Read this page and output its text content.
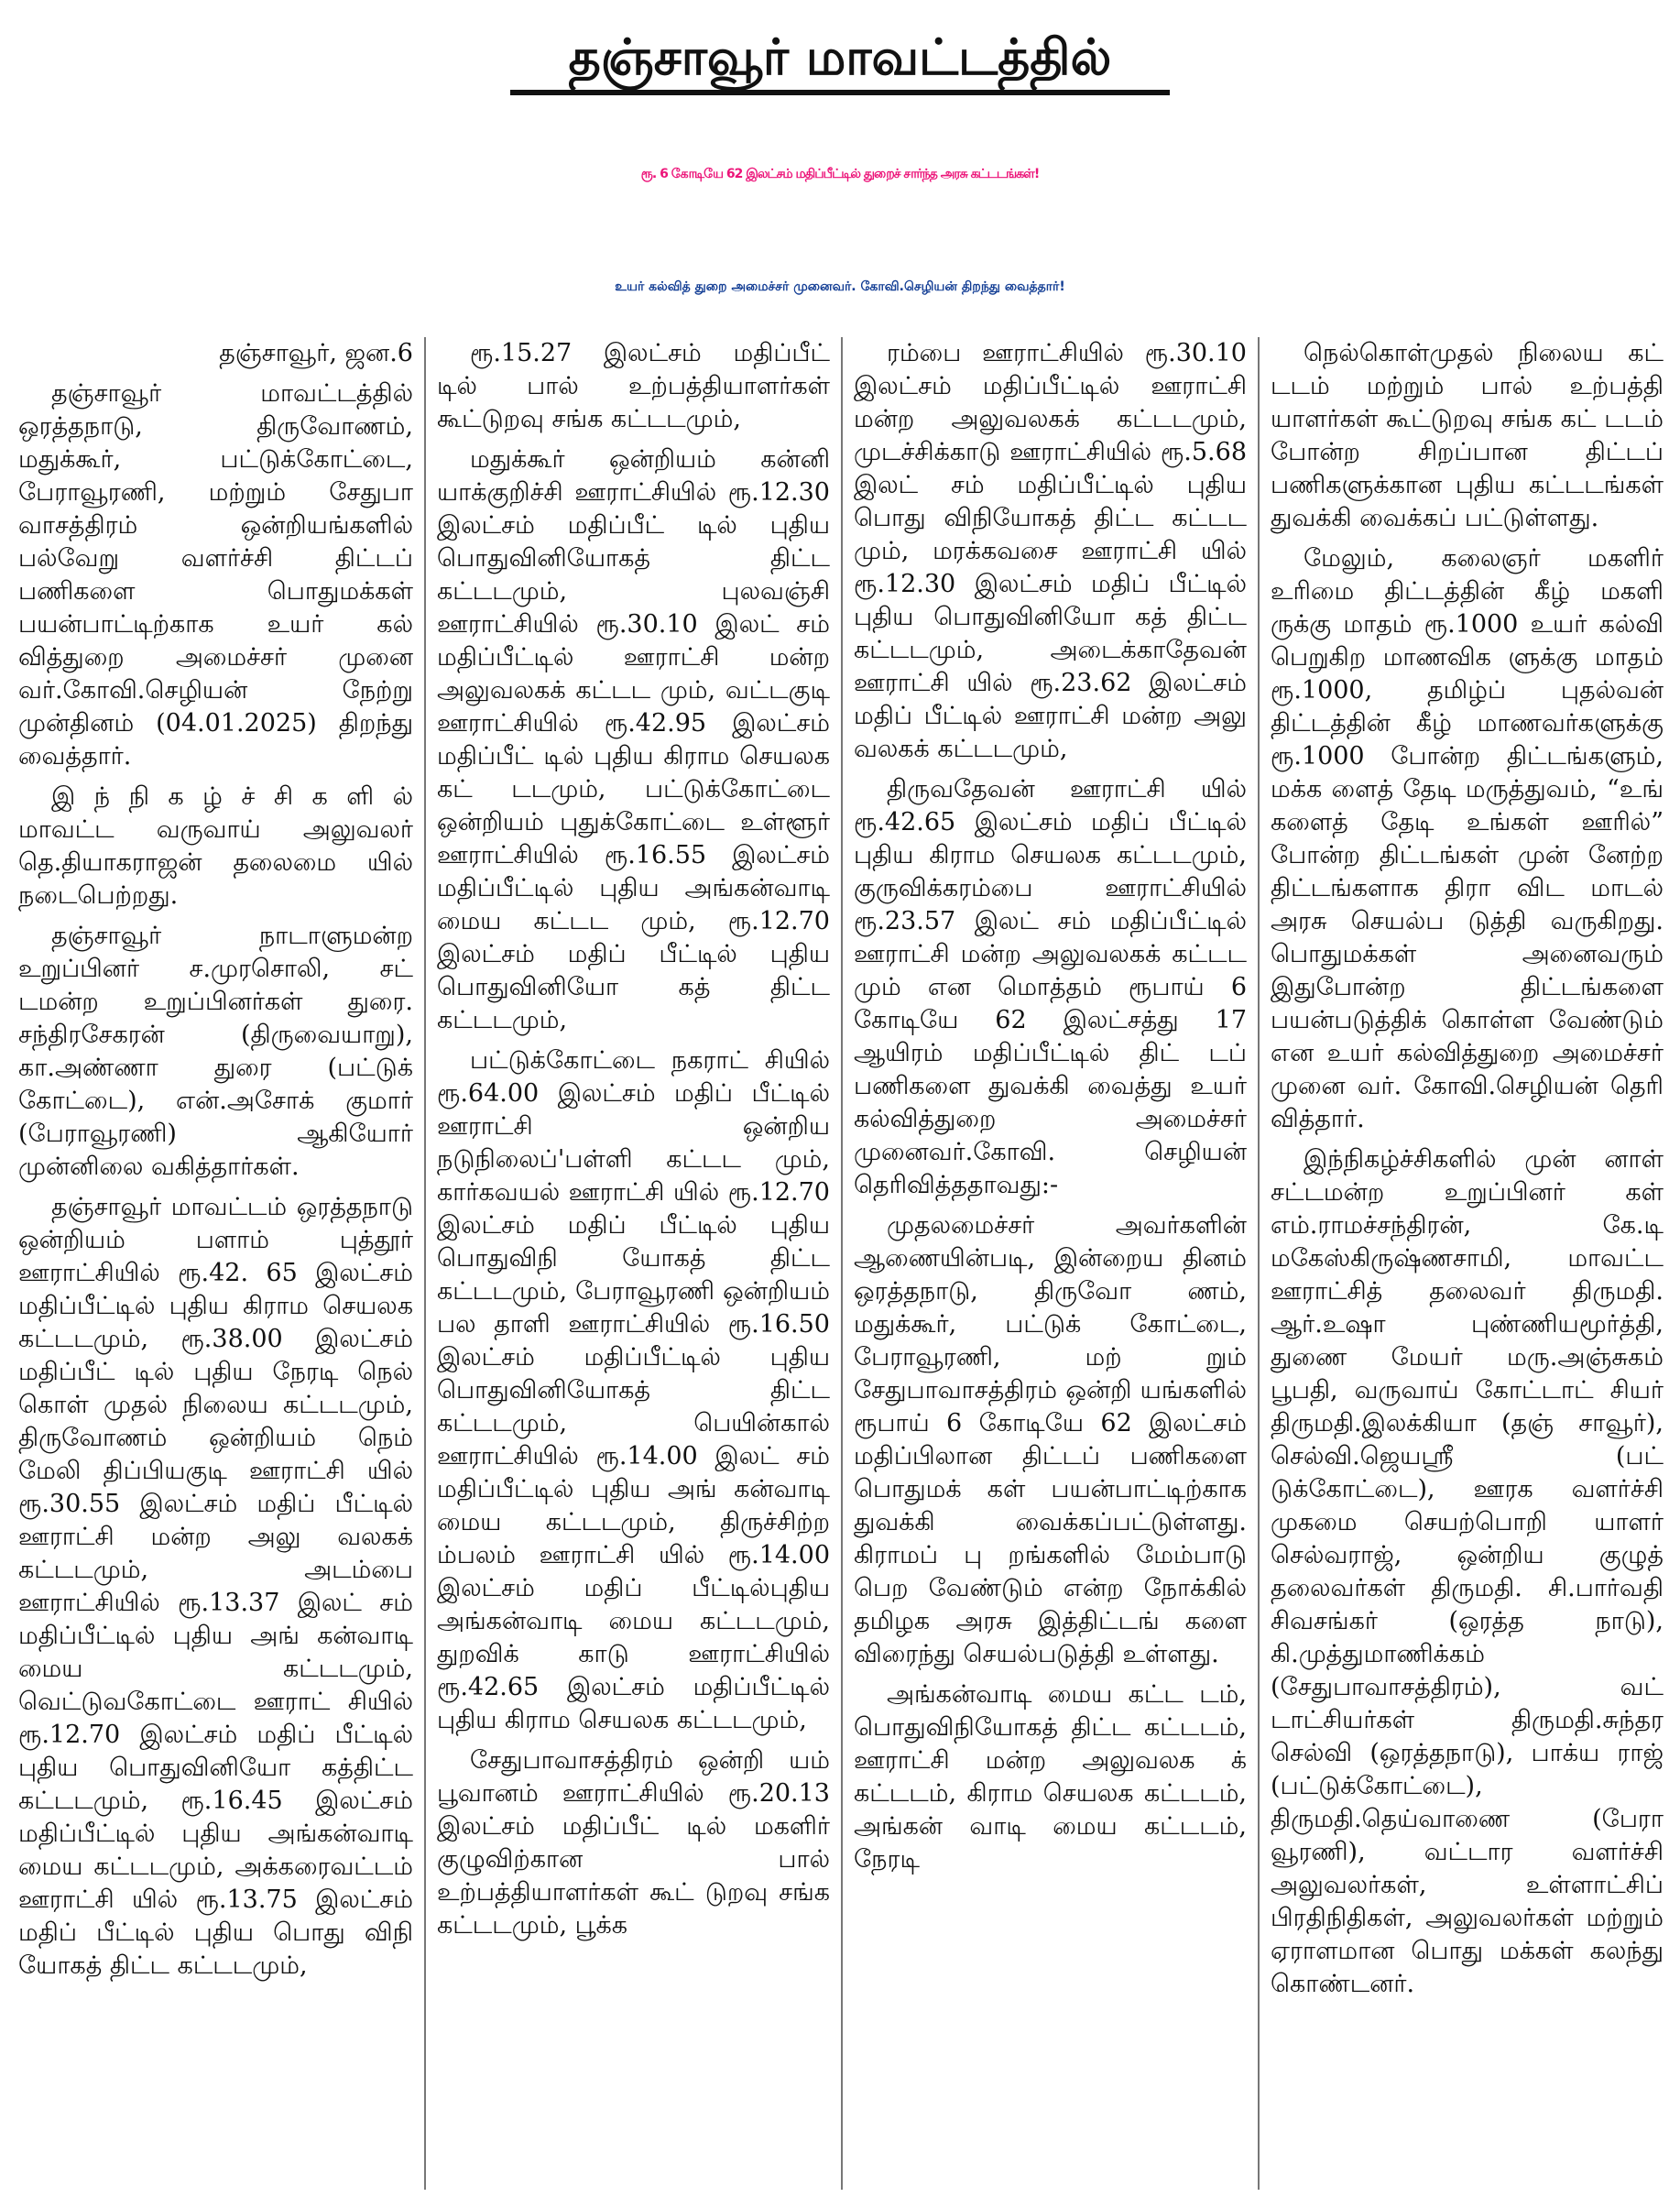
தஞ்சாவூர் மாவட்டத்தில்
ரூ. 6 கோடியே 62 இலட்சம் மதிப்பீட்டில் துறைச் சார்ந்த அரசு கட்டடங்கள்!
உயர் கல்வித் துறை அமைச்சர் முனைவர். கோவி.செழியன் திறந்து வைத்தார்!

தஞ்சாவூர், ஜன.6

தஞ்சாவூர் மாவட்டத்தில் ஒரத்தநாடு, திருவோணம், மதுக்கூர், பட்டுக்கோட்டை, பேராவூரணி, மற்றும் சேதுபா வாசத்திரம் ஒன்றியங்களில் பல்வேறு வளர்ச்சி திட்டப் பணிகளை பொதுமக்கள் பயன்பாட்டிற்காக உயர் கல் வித்துறை அமைச்சர் முனை வர்.கோவி.செழியன் நேற்று முன்தினம் (04.01.2025) திறந்து வைத்தார்.

இ ந் நி க ழ் ச் சி க ளி ல் மாவட்ட வருவாய் அலுவலர் தெ.தியாகராஜன் தலைமை யில் நடைபெற்றது.

தஞ்சாவூர் நாடாளுமன்ற உறுப்பினர் ச.முரசொலி, சட் டமன்ற உறுப்பினர்கள் துரை. சந்திரசேகரன் (திருவையாறு), கா.அண்ணா துரை (பட்டுக் கோட்டை), என்.அசோக் குமார் (பேராவூரணி) ஆகியோர் முன்னிலை வகித்தார்கள்.

தஞ்சாவூர் மாவட்டம் ஒரத்தநாடு ஒன்றியம் பளாம் புத்தூர் ஊராட்சியில் ரூ.42. 65 இலட்சம் மதிப்பீட்டில் புதிய கிராம செயலக கட்டடமும், ரூ.38.00 இலட்சம் மதிப்பீட் டில் புதிய நேரடி நெல் கொள் முதல் நிலைய கட்டடமும், திருவோணம் ஒன்றியம் நெம் மேலி திப்பியகுடி ஊராட்சி யில் ரூ.30.55 இலட்சம் மதிப் பீட்டில் ஊராட்சி மன்ற அலு வலகக் கட்டடமும், அடம்பை ஊராட்சியில் ரூ.13.37 இலட் சம் மதிப்பீட்டில் புதிய அங் கன்வாடி மைய கட்டடமும், வெட்டுவகோட்டை ஊராட் சியில் ரூ.12.70 இலட்சம் மதிப் பீட்டில் புதிய பொதுவினியோ கத்திட்ட கட்டடமும், ரூ.16.45 இலட்சம் மதிப்பீட்டில் புதிய அங்கன்வாடி மைய கட்டடமும், அக்கரைவட்டம் ஊராட்சி யில் ரூ.13.75 இலட்சம் மதிப் பீட்டில் புதிய பொது விநி யோகத் திட்ட கட்டடமும்,

ரூ.15.27 இலட்சம் மதிப்பீட் டில் பால் உற்பத்தியாளர்கள் கூட்டுறவு சங்க கட்டடமும்,

மதுக்கூர் ஒன்றியம் கன்னி யாக்குறிச்சி ஊராட்சியில் ரூ.12.30 இலட்சம் மதிப்பீட் டில் புதிய பொதுவினியோகத் திட்ட கட்டடமும், புலவஞ்சி ஊராட்சியில் ரூ.30.10 இலட் சம் மதிப்பீட்டில் ஊராட்சி மன்ற அலுவலகக் கட்டட மும், வட்டகுடி ஊராட்சியில் ரூ.42.95 இலட்சம் மதிப்பீட் டில் புதிய கிராம செயலக கட் டடமும், பட்டுக்கோட்டை ஒன்றியம் புதுக்கோட்டை உள்ளூர் ஊராட்சியில் ரூ.16.55 இலட்சம் மதிப்பீட்டில் புதிய அங்கன்வாடி மைய கட்டட மும், ரூ.12.70 இலட்சம் மதிப் பீட்டில் புதிய பொதுவினியோ கத் திட்ட கட்டடமும்,

பட்டுக்கோட்டை நகராட் சியில் ரூ.64.00 இலட்சம் மதிப் பீட்டில் ஊராட்சி ஒன்றிய நடுநிலைப்'பள்ளி கட்டட மும், கார்கவயல் ஊராட்சி யில் ரூ.12.70 இலட்சம் மதிப் பீட்டில் புதிய பொதுவிநி யோகத் திட்ட கட்டடமும், பேராவூரணி ஒன்றியம் பல தாளி ஊராட்சியில் ரூ.16.50 இலட்சம் மதிப்பீட்டில் புதிய பொதுவினியோகத் திட்ட கட்டடமும், பெயின்கால் ஊராட்சியில் ரூ.14.00 இலட் சம் மதிப்பீட்டில் புதிய அங் கன்வாடி மைய கட்டடமும், திருச்சிற்ற ம்பலம் ஊராட்சி யில் ரூ.14.00 இலட்சம் மதிப் பீட்டில்புதிய அங்கன்வாடி மைய கட்டடமும், துறவிக் காடு ஊராட்சியில் ரூ.42.65 இலட்சம் மதிப்பீட்டில் புதிய கிராம செயலக கட்டடமும்,

சேதுபாவாசத்திரம் ஒன்றி யம் பூவானம் ஊராட்சியில் ரூ.20.13 இலட்சம் மதிப்பீட் டில் மகளிர் குழுவிற்கான பால் உற்பத்தியாளர்கள் கூட் டுறவு சங்க கட்டடமும், பூக்க

ரம்பை ஊராட்சியில் ரூ.30.10 இலட்சம் மதிப்பீட்டில் ஊராட்சி மன்ற அலுவலகக் கட்டடமும், முடச்சிக்காடு ஊராட்சியில் ரூ.5.68 இலட் சம் மதிப்பீட்டில் புதிய பொது விநியோகத் திட்ட கட்டட மும், மரக்கவசை ஊராட்சி யில் ரூ.12.30 இலட்சம் மதிப் பீட்டில் புதிய பொதுவினியோ கத் திட்ட கட்டடமும், அடைக்காதேவன் ஊராட்சி யில் ரூ.23.62 இலட்சம் மதிப் பீட்டில் ஊராட்சி மன்ற அலு வலகக் கட்டடமும்,

திருவதேவன் ஊராட்சி யில் ரூ.42.65 இலட்சம் மதிப் பீட்டில் புதிய கிராம செயலக கட்டடமும், குருவிக்கரம்பை ஊராட்சியில் ரூ.23.57 இலட் சம் மதிப்பீட்டில் ஊராட்சி மன்ற அலுவலகக் கட்டட மும் என மொத்தம் ரூபாய் 6 கோடியே 62 இலட்சத்து 17 ஆயிரம் மதிப்பீட்டில் திட் டப் பணிகளை துவக்கி வைத்து உயர் கல்வித்துறை அமைச்சர் முனைவர்.கோவி. செழியன் தெரிவித்ததாவது:-

முதலமைச்சர் அவர்களின் ஆணையின்படி, இன்றைய தினம் ஒரத்தநாடு, திருவோ ணம், மதுக்கூர், பட்டுக் கோட்டை, பேராவூரணி, மற் றும் சேதுபாவாசத்திரம் ஒன்றி யங்களில் ரூபாய் 6 கோடியே 62 இலட்சம் மதிப்பிலான திட்டப் பணிகளை பொதுமக் கள் பயன்பாட்டிற்காக துவக்கி வைக்கப்பட்டுள்ளது. கிராமப் பு றங்களில் மேம்பாடு பெற வேண்டும் என்ற நோக்கில் தமிழக அரசு இத்திட்டங் களை விரைந்து செயல்படுத்தி உள்ளது.

அங்கன்வாடி மைய கட்ட டம், பொதுவிநியோகத் திட்ட கட்டடம், ஊராட்சி மன்ற அலுவலக க் கட்டடம், கிராம செயலக கட்டடம், அங்கன் வாடி மைய கட்டடம், நேரடி

நெல்கொள்முதல் நிலைய கட் டடம் மற்றும் பால் உற்பத்தி யாளர்கள் கூட்டுறவு சங்க கட் டடம் போன்ற சிறப்பான திட்டப் பணிகளுக்கான புதிய கட்டடங்கள் துவக்கி வைக்கப் பட்டுள்ளது.

மேலும், கலைஞர் மகளிர் உரிமை திட்டத்தின் கீழ் மகளி ருக்கு மாதம் ரூ.1000 உயர் கல்வி பெறுகிற மாணவிக ளுக்கு மாதம் ரூ.1000, தமிழ்ப் புதல்வன் திட்டத்தின் கீழ் மாணவர்களுக்கு ரூ.1000 போன்ற திட்டங்களும், மக்க ளைத் தேடி மருத்துவம், “உங் களைத் தேடி உங்கள் ஊரில்” போன்ற திட்டங்கள் முன் னேற்ற திட்டங்களாக திரா விட மாடல் அரசு செயல்ப டுத்தி வருகிறது. பொதுமக்கள் அனைவரும் இதுபோன்ற திட்டங்களை பயன்படுத்திக் கொள்ள வேண்டும் என உயர் கல்வித்துறை அமைச்சர் முனை வர். கோவி.செழியன் தெரி வித்தார்.

இந்நிகழ்ச்சிகளில் முன் னாள் சட்டமன்ற உறுப்பினர் கள் எம்.ராமச்சந்திரன், கே.டி மகேஸ்கிருஷ்ணசாமி, மாவட்ட ஊராட்சித் தலைவர் திருமதி. ஆர்.உஷா புண்ணியமூர்த்தி, துணை மேயர் மரு.அஞ்சுகம் பூபதி, வருவாய் கோட்டாட் சியர் திருமதி.இலக்கியா (தஞ் சாவூர்), செல்வி.ஜெயஸ்ரீ (பட் டுக்கோட்டை), ஊரக வளர்ச்சி முகமை செயற்பொறி யாளர் செல்வராஜ், ஒன்றிய குழுத் தலைவர்கள் திருமதி. சி.பார்வதி சிவசங்கர் (ஒரத்த நாடு), கி.முத்துமாணிக்கம் (சேதுபாவாசத்திரம்), வட் டாட்சியர்கள் திருமதி.சுந்தர செல்வி (ஒரத்தநாடு), பாக்ய ராஜ் (பட்டுக்கோட்டை), திருமதி.தெய்வாணை (பேரா வூரணி), வட்டார வளர்ச்சி அலுவலர்கள், உள்ளாட்சிப் பிரதிநிதிகள், அலுவலர்கள் மற்றும் ஏராளமான பொது மக்கள் கலந்து கொண்டனர்.
